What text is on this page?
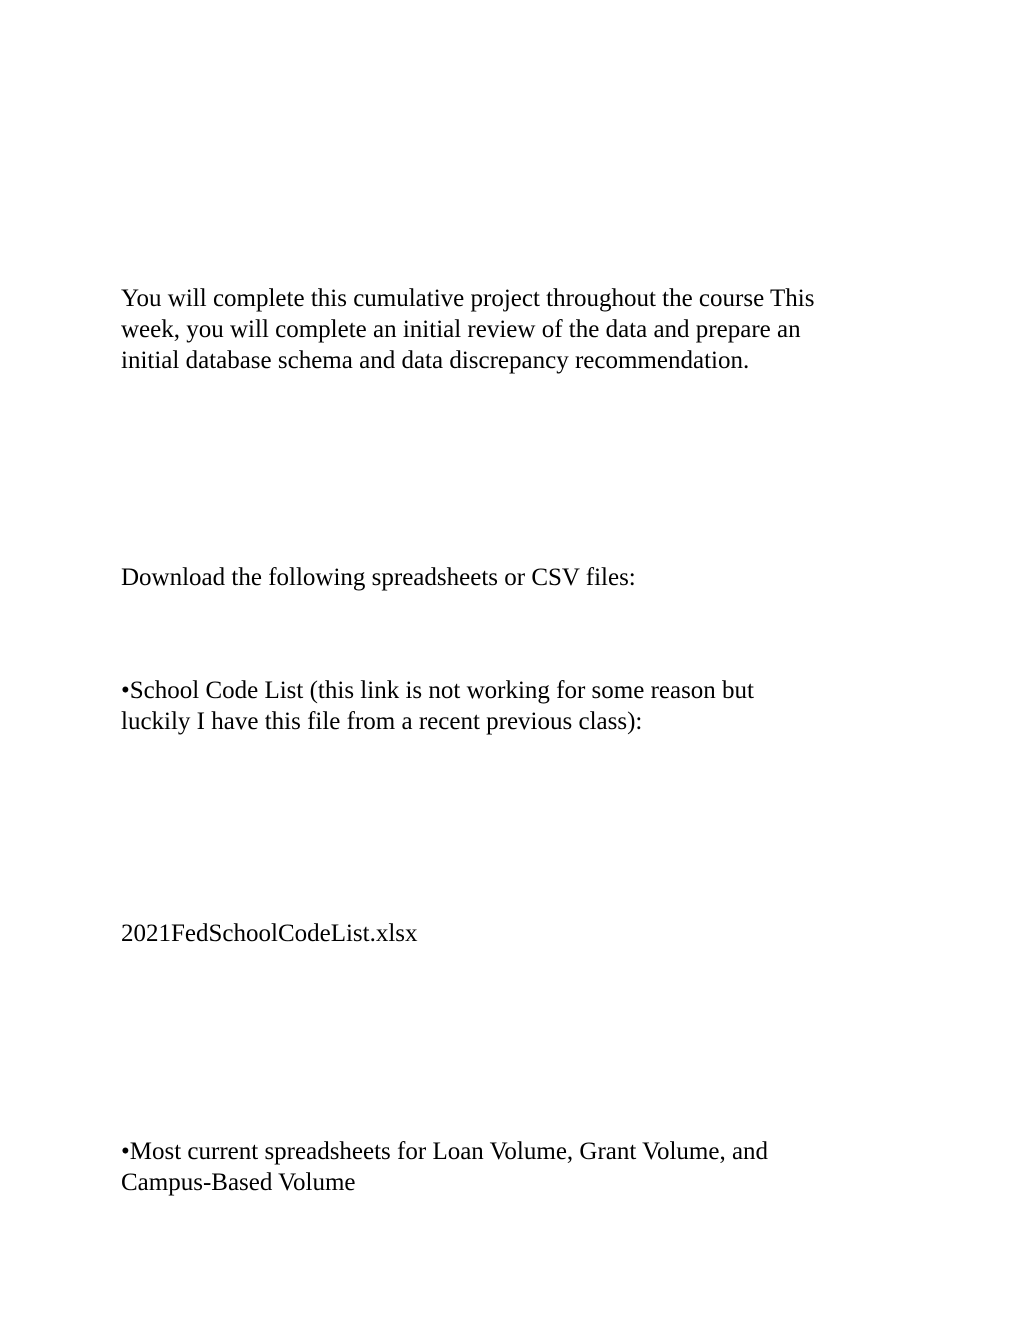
You will complete this cumulative project throughout the course This
week, you will complete an initial review of the data and prepare an
initial database schema and data discrepancy recommendation.

Download the following spreadsheets or CSV files:

•School Code List (this link is not working for some reason but
luckily I have this file from a recent previous class):

2021FedSchoolCodeList.xlsx

•Most current spreadsheets for Loan Volume, Grant Volume, and
Campus-Based Volume
